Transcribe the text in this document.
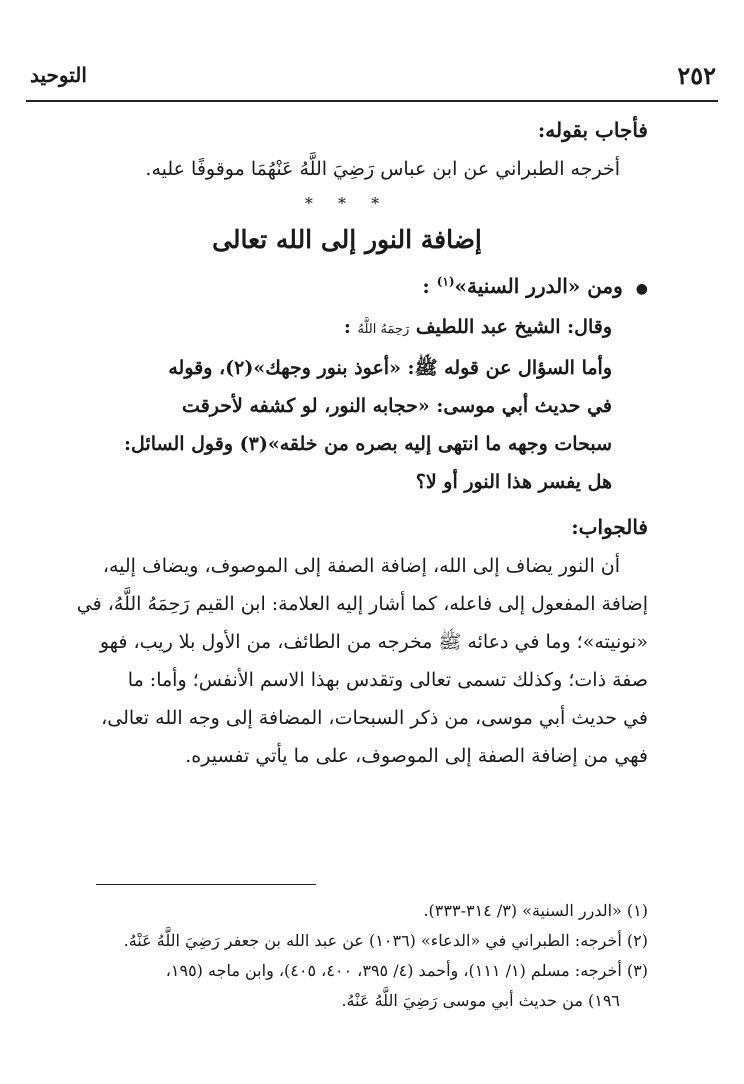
٢٥٢
التوحيد
فأجاب بقوله:

أخرجه الطبراني عن ابن عباس رَضِيَ اللَّهُ عَنْهُمَا موقوفًا عليه.

* * *
إضافة النور إلى الله تعالى
● ومن «الدرر السنية»$^{(١)}$ :

وقال: الشيخ عبد اللطيف رَحِمَهُ اللَّهُ :

وأما السؤال عن قوله ﷺ: «أعوذ بنور وجهك»(٢)، وقوله

في حديث أبي موسى: «حجابه النور، لو كشفه لأحرقت

سبحات وجهه ما انتهى إليه بصره من خلقه»(٣) وقول السائل:

هل يفسر هذا النور أو لا؟

فالجواب:

أن النور يضاف إلى الله، إضافة الصفة إلى الموصوف، ويضاف إليه،

إضافة المفعول إلى فاعله، كما أشار إليه العلامة: ابن القيم رَحِمَهُ اللَّهُ، في

«نونيته»؛ وما في دعائه ﷺ مخرجه من الطائف، من الأول بلا ريب، فهو

صفة ذات؛ وكذلك تسمى تعالى وتقدس بهذا الاسم الأنفس؛ وأما: ما

في حديث أبي موسى، من ذكر السبحات، المضافة إلى وجه الله تعالى،

فهي من إضافة الصفة إلى الموصوف، على ما يأتي تفسيره.

(١) «الدرر السنية» (٣/ ٣١٤-٣٣٣).

(٢) أخرجه: الطبراني في «الدعاء» (١٠٣٦) عن عبد الله بن جعفر رَضِيَ اللَّهُ عَنْهُ.

(٣) أخرجه: مسلم (١/ ١١١)، وأحمد (٤/ ٣٩٥، ٤٠٠، ٤٠٥)، وابن ماجه (١٩٥،

١٩٦) من حديث أبي موسى رَضِيَ اللَّهُ عَنْهُ.
